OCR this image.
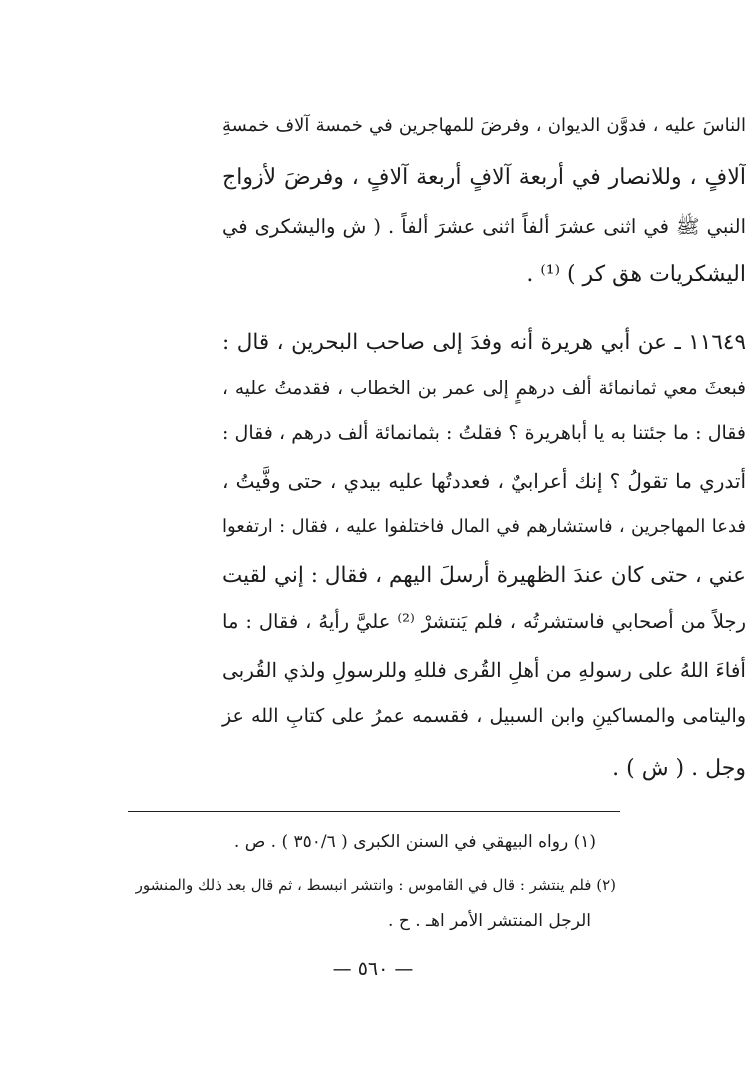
الناسَ عليه ، فدوَّن الديوان ، وفرضَ للمهاجرين في خمسة آلاف خمسةِ
آلافٍ ، وللانصار في أربعة آلافٍ أربعة آلافٍ ، وفرضَ لأزواج
النبي ﷺ في اثنى عشرَ ألفاً اثنى عشرَ ألفاً . ( ش واليشكرى في
اليشكريات هق كر ) ⁽¹⁾ .
١١٦٤٩ ـ عن أبي هريرة أنه وفدَ إلى صاحب البحرين ، قال :
فبعثَ معي ثمانمائة ألف درهمٍ إلى عمر بن الخطاب ، فقدمتُ عليه ،
فقال : ما جئتنا به يا أباهريرة ؟ فقلتُ : بثمانمائة ألف درهم ، فقال :
أتدري ما تقولُ ؟ إنك أعرابيٌ ، فعددتُها عليه بيدي ، حتى وفَّيتُ ،
فدعا المهاجرين ، فاستشارهم في المال فاختلفوا عليه ، فقال : ارتفعوا
عني ، حتى كان عندَ الظهيرة أرسلَ اليهم ، فقال : إني لقيت
رجلاً من أصحابي فاستشرتُه ، فلم يَنتشرْ ⁽²⁾ عليَّ رأيهُ ، فقال : ما
أفاءَ اللهُ على رسولهِ من أهلِ القُرى فللهِ وللرسولِ ولذي القُربى
واليتامى والمساكينِ وابن السبيل ، فقسمه عمرُ على كتابِ الله عز
وجل . ( ش ) .
(١) رواه البيهقي في السنن الكبرى ( ٣٥٠/٦ ) . ص .
(٢) فلم ينتشر : قال في القاموس : وانتشر انبسط ، ثم قال بعد ذلك والمنشور
الرجل المنتشر الأمر اهـ . ح .
— ٥٦٠ —
